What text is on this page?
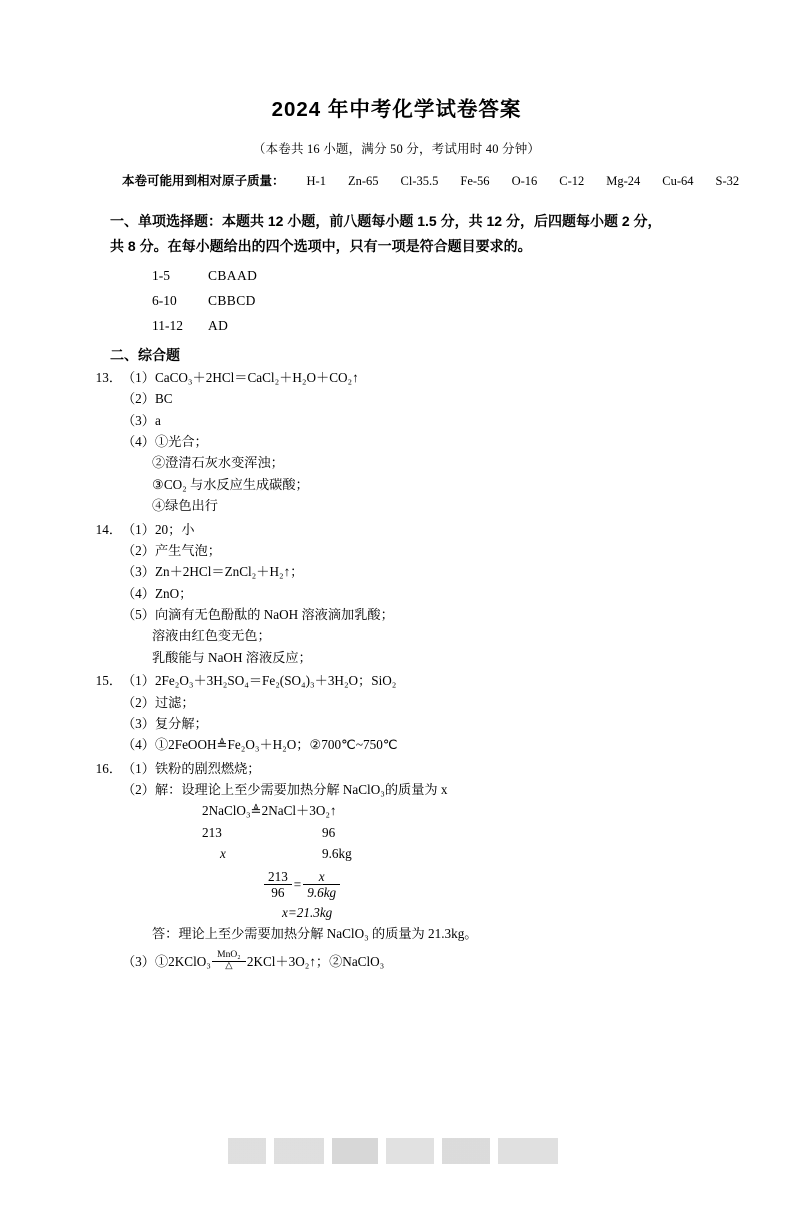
2024 年中考化学试卷答案
（本卷共 16 小题，满分 50 分，考试用时 40 分钟）
本卷可能用到相对原子质量： H-1 Zn-65 Cl-35.5 Fe-56 O-16 C-12 Mg-24 Cu-64 S-32
一、单项选择题：本题共 12 小题，前八题每小题 1.5 分，共 12 分，后四题每小题 2 分，
共 8 分。在每小题给出的四个选项中，只有一项是符合题目要求的。
1-5	CBAAD
6-10 CBBCD
11-12 AD
二、综合题
13．（1）CaCO₃＋2HCl＝CaCl₂＋H₂O＋CO₂↑
（2）BC
（3）a
（4）①光合；
②澄清石灰水变浑浊；
③CO₂ 与水反应生成碳酸；
④绿色出行
14．（1）20；小
（2）产生气泡；
（3）Zn＋2HCl＝ZnCl₂＋H₂↑；
（4）ZnO；
（5）向滴有无色酚酞的 NaOH 溶液滴加乳酸；
溶液由红色变无色；
乳酸能与 NaOH 溶液反应；
15．（1）2Fe₂O₃＋3H₂SO₄＝Fe₂(SO₄)₃＋3H₂O；SiO₂
（2）过滤；
（3）复分解；
（4）①2FeOOH≜Fe₂O₃＋H₂O；②700℃~750℃
16．（1）铁粉的剧烈燃烧；
（2）解：设理论上至少需要加热分解 NaClO₃的质量为 x
2NaClO₃≜2NaCl＋3O₂↑
213	96
x	9.6kg
$\frac{213}{96} = \frac{x}{9.6kg}$
x=21.3kg
答：理论上至少需要加热分解 NaClO₃ 的质量为 21.3kg。
（3）①2KClO₃ MnO₂
△	2KCl＋3O₂↑；②NaClO₃
